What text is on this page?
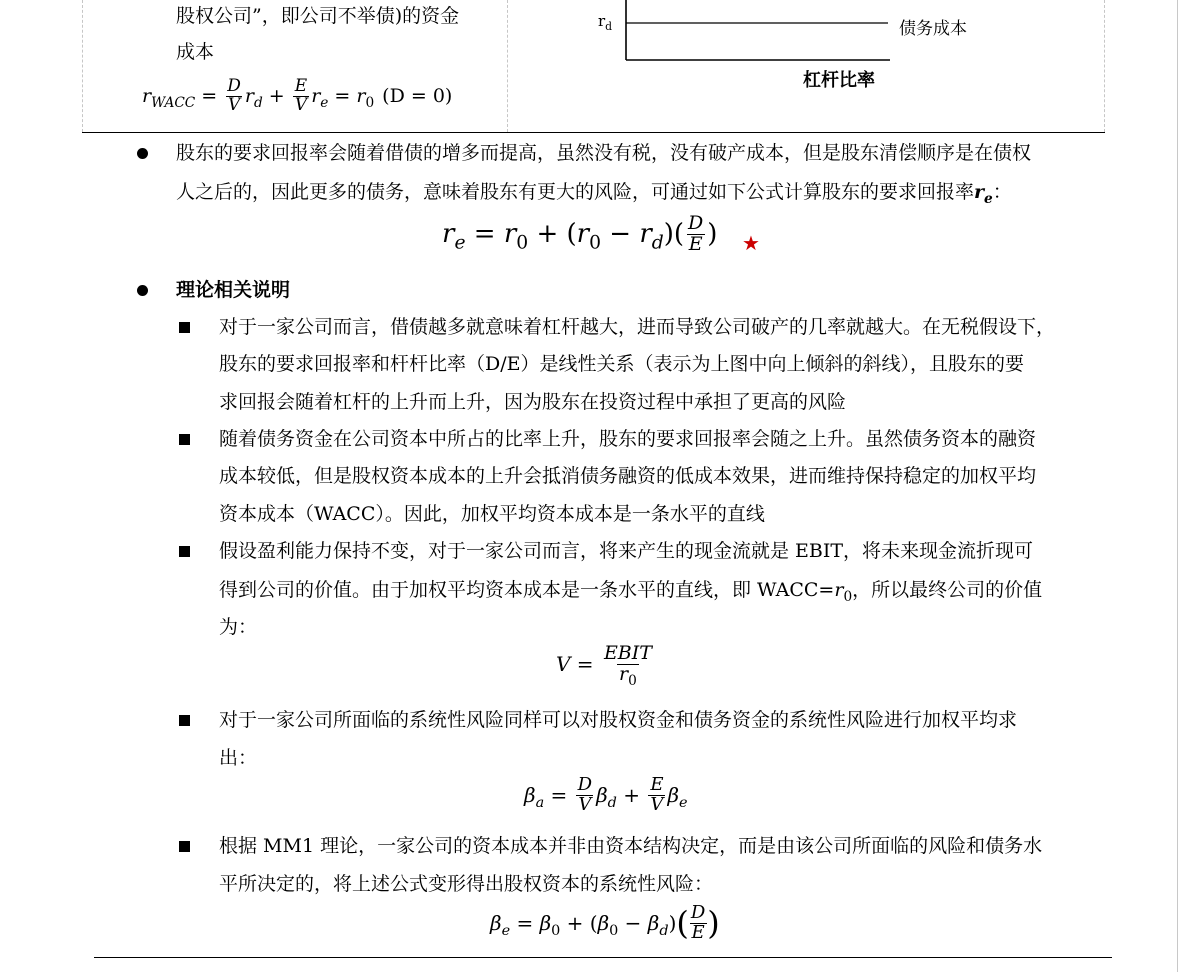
股权公司”，即公司不举债)的资金
成本
$r_{WACC} = \frac{D}{V} r_d + \frac{E}{V} r_e = r_0$ (D = 0)
$r_d$	债务成本
杠杆比率
股东的要求回报率会随着借债的增多而提高，虽然没有税，没有破产成本，但是股东清偿顺序是在债权
人之后的，因此更多的债务，意味着股东有更大的风险，可通过如下公式计算股东的要求回报率$r_e$：
$r_e = r_0$ + ( $r_0 - r_d$ )( $\frac{D}{E}$ ) ★
理论相关说明
对于一家公司而言，借债越多就意味着杠杆越大，进而导致公司破产的几率就越大。在无税假设下，
股东的要求回报率和杆杆比率（D/E）是线性关系（表示为上图中向上倾斜的斜线），且股东的要
求回报会随着杠杆的上升而上升，因为股东在投资过程中承担了更高的风险
随着债务资金在公司资本中所占的比率上升，股东的要求回报率会随之上升。虽然债务资本的融资
成本较低，但是股权资本成本的上升会抵消债务融资的低成本效果，进而维持保持稳定的加权平均
资本成本（WACC）。因此，加权平均资本成本是一条水平的直线
假设盈利能力保持不变，对于一家公司而言，将来产生的现金流就是 EBIT，将未来现金流折现可
得到公司的价值。由于加权平均资本成本是一条水平的直线，即 $WACC=r_0$，所以最终公司的价值
为：
$V = \frac{\text{EBIT}}{r_0}$
对于一家公司所面临的系统性风险同样可以对股权资金和债务资金的系统性风险进行加权平均求
出：
$\beta_a = \frac{D}{V} \beta_d + \frac{E}{V} \beta_e$
根据 MM1 理论，一家公司的资本成本并非由资本结构决定，而是由该公司所面临的风险和债务水
平所决定的，将上述公式变形得出股权资本的系统性风险：
$\beta_e = \beta_0$ + ( $\beta_0 - \beta_d$ ) ( $\frac{D}{E}$ )
